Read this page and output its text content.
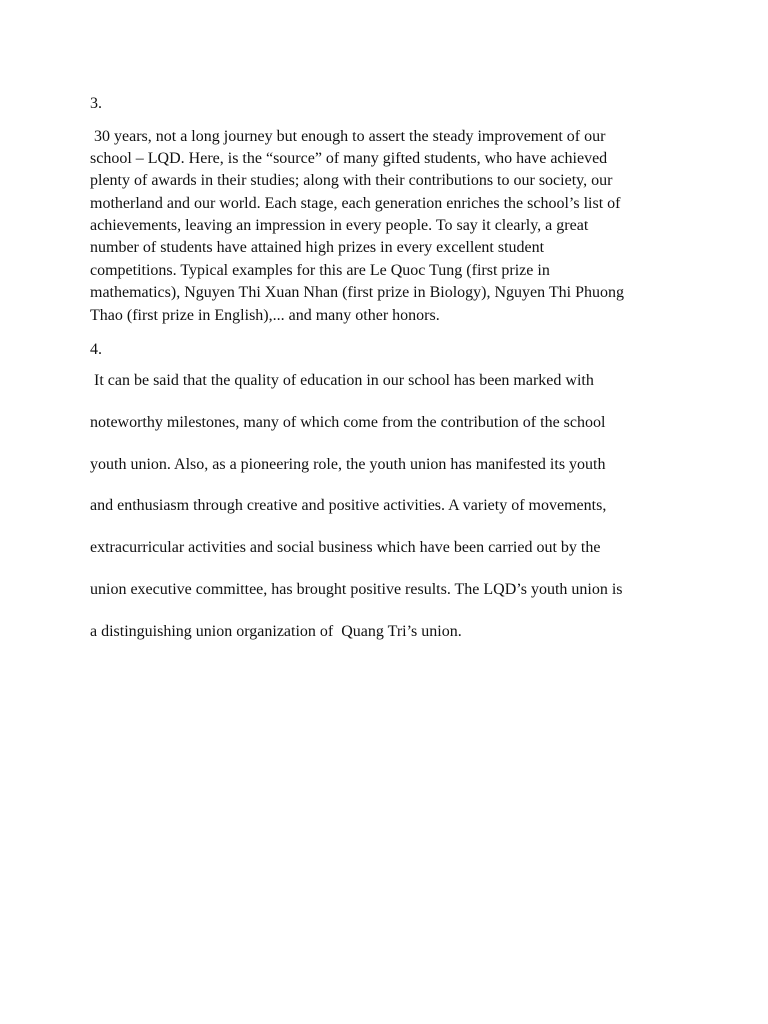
3.
30 years, not a long journey but enough to assert the steady improvement of our
school – LQD. Here, is the “source” of many gifted students, who have achieved
plenty of awards in their studies; along with their contributions to our society, our
motherland and our world. Each stage, each generation enriches the school’s list of
achievements, leaving an impression in every people. To say it clearly, a great
number of students have attained high prizes in every excellent student
competitions. Typical examples for this are Le Quoc Tung (first prize in
mathematics), Nguyen Thi Xuan Nhan (first prize in Biology), Nguyen Thi Phuong
Thao (first prize in English),... and many other honors.
4.
It can be said that the quality of education in our school has been marked with
noteworthy milestones, many of which come from the contribution of the school
youth union. Also, as a pioneering role, the youth union has manifested its youth
and enthusiasm through creative and positive activities. A variety of movements,
extracurricular activities and social business which have been carried out by the
union executive committee, has brought positive results. The LQD’s youth union is
a distinguishing union organization of  Quang Tri’s union.
